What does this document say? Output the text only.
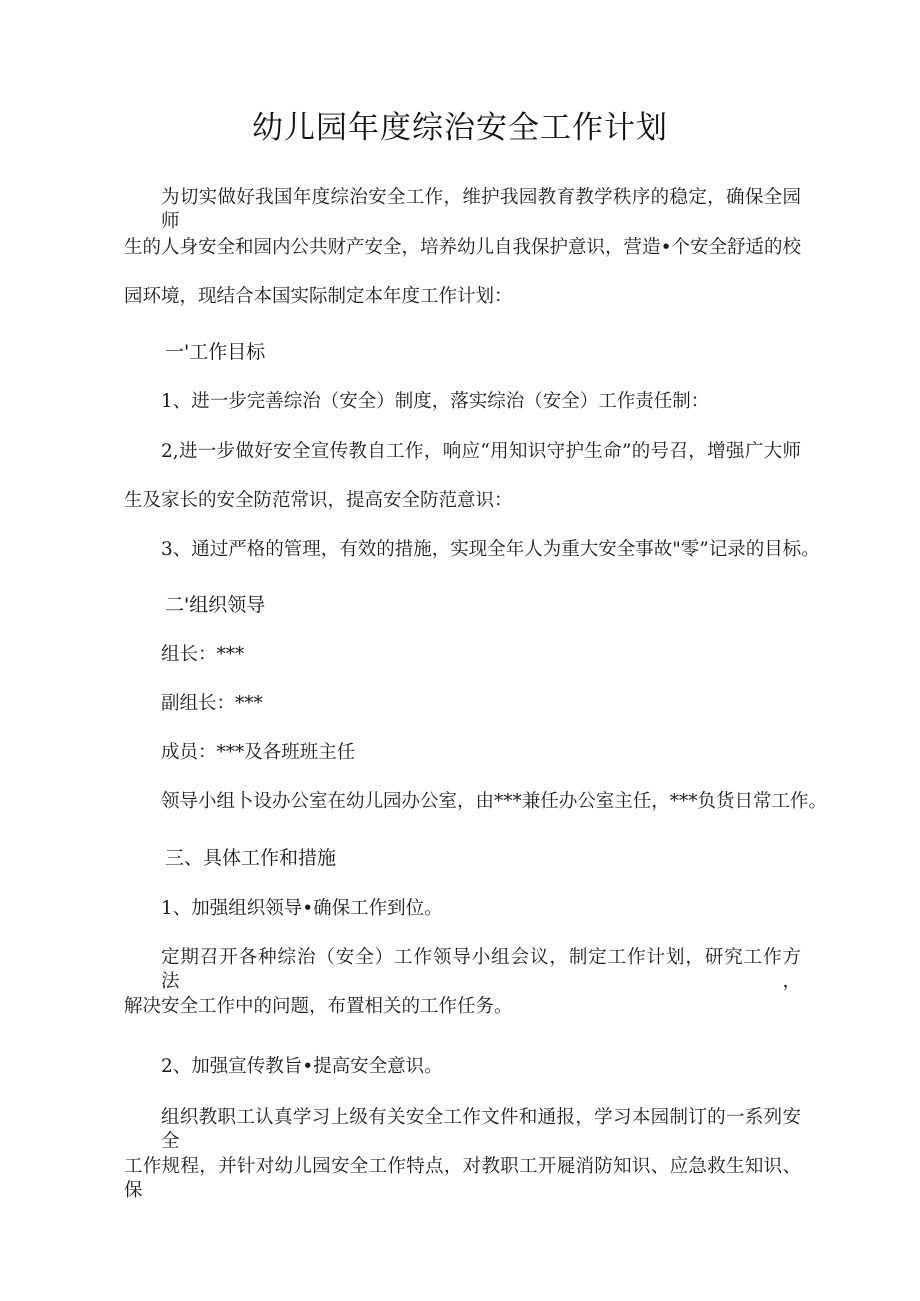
幼儿园年度综治安全工作计划
为切实做好我国年度综治安全工作，维护我园教育教学秩序的稳定，确保全园师
生的人身安全和园内公共财产安全，培养幼儿自我保护意识，营造•个安全舒适的校
园环境，现结合本国实际制定本年度工作计划：
一'工作目标
1、进一步完善综治（安全）制度，落实综治（安全）工作责任制：
2,进一步做好安全宣传教自工作，响应“用知识守护生命”的号召，增强广大师
生及家长的安全防范常识，提高安全防范意识：
3、通过严格的管理，有效的措施，实现全年人为重大安全事故"零”记录的目标。
二'组织领导
组长：***
副组长：***
成员：***及各班班主任
领导小组卜设办公室在幼儿园办公室，由***兼任办公室主任，***负货日常工作。
三、具体工作和措施
1、加强组织领导•确保工作到位。
定期召开各种综治（安全）工作领导小组会议，制定工作计划，研究工作方法，
解决安全工作中的问题，布置相关的工作任务。
2、加强宣传教旨•提高安全意识。
组织教职工认真学习上级有关安全工作文件和通报，学习本园制订的一系列安全
工作规程，并针对幼儿园安全工作特点，对教职工开屣消防知识、应急救生知识、保
